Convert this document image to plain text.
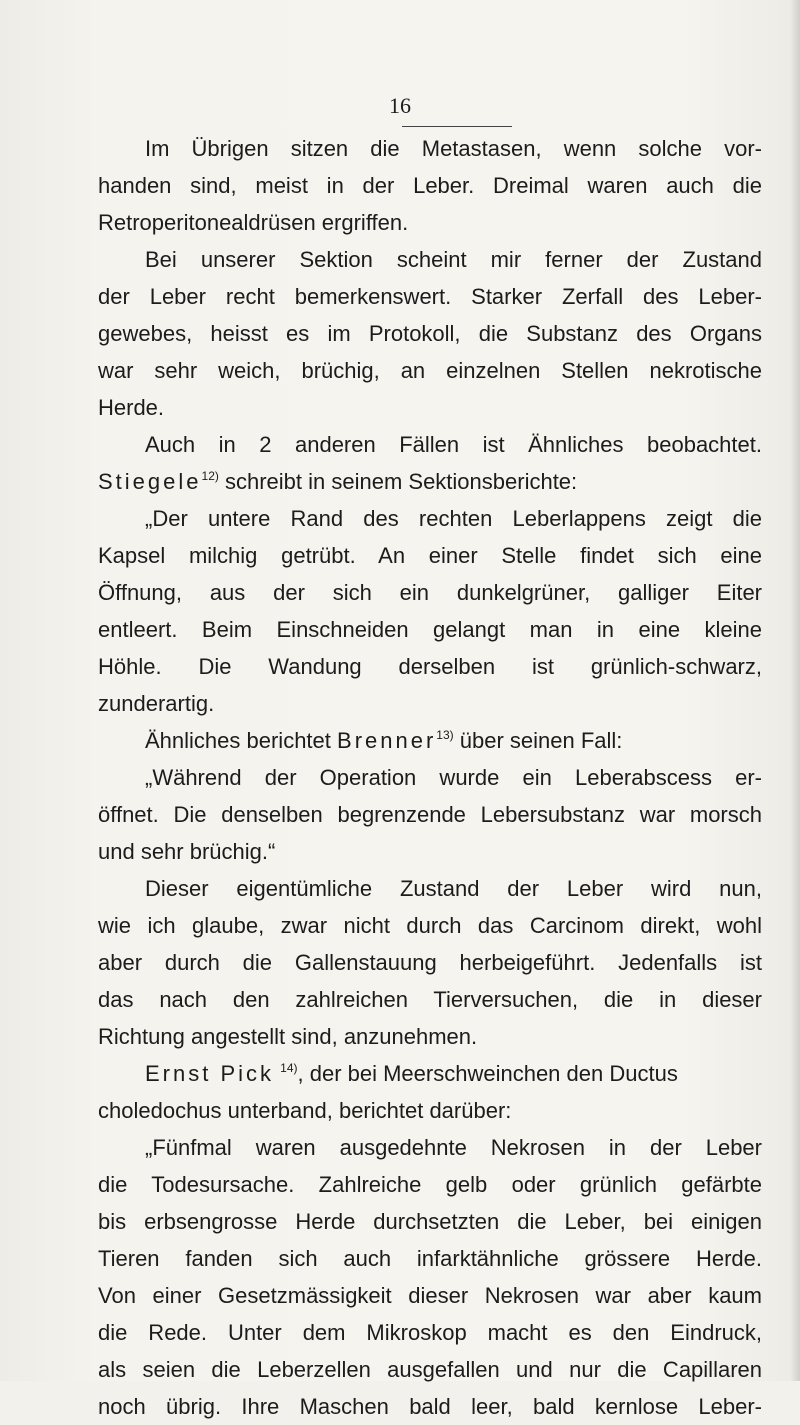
16
Im Übrigen sitzen die Metastasen, wenn solche vor-
handen sind, meist in der Leber. Dreimal waren auch die
Retroperitonealdrüsen ergriffen.
Bei unserer Sektion scheint mir ferner der Zustand
der Leber recht bemerkenswert. Starker Zerfall des Leber-
gewebes, heisst es im Protokoll, die Substanz des Organs
war sehr weich, brüchig, an einzelnen Stellen nekrotische
Herde.
Auch in 2 anderen Fällen ist Ähnliches beobachtet.
Stiegele$^{12)}$ schreibt in seinem Sektionsberichte:
„Der untere Rand des rechten Leberlappens zeigt die
Kapsel milchig getrübt. An einer Stelle findet sich eine
Öffnung, aus der sich ein dunkelgrüner, galliger Eiter
entleert. Beim Einschneiden gelangt man in eine kleine
Höhle. Die Wandung derselben ist grünlich-schwarz,
zunderartig.
Ähnliches berichtet Brenner$^{13)}$ über seinen Fall:
„Während der Operation wurde ein Leberabscess er-
öffnet. Die denselben begrenzende Lebersubstanz war morsch
und sehr brüchig.“
Dieser eigentümliche Zustand der Leber wird nun,
wie ich glaube, zwar nicht durch das Carcinom direkt, wohl
aber durch die Gallenstauung herbeigeführt. Jedenfalls ist
das nach den zahlreichen Tierversuchen, die in dieser
Richtung angestellt sind, anzunehmen.
Ernst Pick $^{14)}$, der bei Meerschweinchen den Ductus
choledochus unterband, berichtet darüber:
„Fünfmal waren ausgedehnte Nekrosen in der Leber
die Todesursache. Zahlreiche gelb oder grünlich gefärbte
bis erbsengrosse Herde durchsetzten die Leber, bei einigen
Tieren fanden sich auch infarktähnliche grössere Herde.
Von einer Gesetzmässigkeit dieser Nekrosen war aber kaum
die Rede. Unter dem Mikroskop macht es den Eindruck,
als seien die Leberzellen ausgefallen und nur die Capillaren
noch übrig. Ihre Maschen bald leer, bald kernlose Leber-
